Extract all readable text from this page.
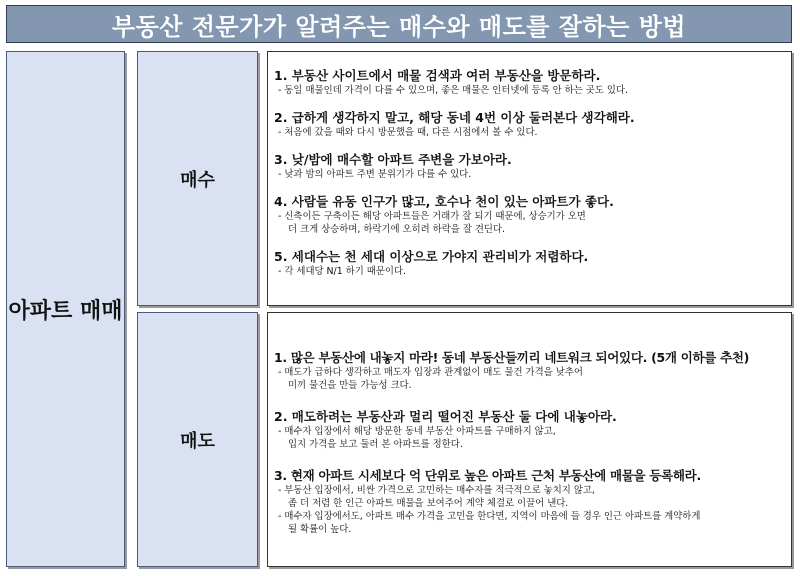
부동산 전문가가 알려주는 매수와 매도를 잘하는 방법
아파트 매매
매수
매도
1. 부동산 사이트에서 매물 검색과 여러 부동산을 방문하라.
- 동일 매물인데 가격이 다를 수 있으며, 좋은 매물은 인터넷에 등록 안 하는 곳도 있다.
2. 급하게 생각하지 말고, 해당 동네 4번 이상 둘러본다 생각해라.
- 처음에 갔을 때와 다시 방문했을 때, 다른 시점에서 볼 수 있다.
3. 낮/밤에 매수할 아파트 주변을 가보아라.
- 낮과 밤의 아파트 주변 분위기가 다를 수 있다.
4. 사람들 유동 인구가 많고, 호수나 천이 있는 아파트가 좋다.
- 신축이든 구축이든 해당 아파트들은 거래가 잘 되기 때문에, 상승기가 오면
더 크게 상승하며, 하락기에 오히려 하락을 잘 견딘다.
5. 세대수는 천 세대 이상으로 가야지 관리비가 저렴하다.
- 각 세대당 N/1 하기 때문이다.
1. 많은 부동산에 내놓지 마라! 동네 부동산들끼리 네트워크 되어있다. (5개 이하를 추천)
- 매도가 급하다 생각하고 매도자 입장과 관계없이 매도 물건 가격을 낮추어
미끼 물건을 만들 가능성 크다.
2. 매도하려는 부동산과 멀리 떨어진 부동산 둘 다에 내놓아라.
- 매수자 입장에서 해당 방문한 동네 부동산 아파트를 구매하지 않고,
입지 가격을 보고 둘러 본 아파트를 정한다.
3. 현재 아파트 시세보다 억 단위로 높은 아파트 근처 부동산에 매물을 등록해라.
- 부동산 입장에서, 비싼 가격으로 고민하는 매수자를 적극적으로 놓치지 않고,
좀 더 저렴 한 인근 아파트 매물을 보여주어 계약 체결로 이끌어 낸다.
- 매수자 입장에서도, 아파트 매수 가격을 고민을 한다면, 지역이 마음에 들 경우 인근 아파트를 계약하게
될 확률이 높다.
